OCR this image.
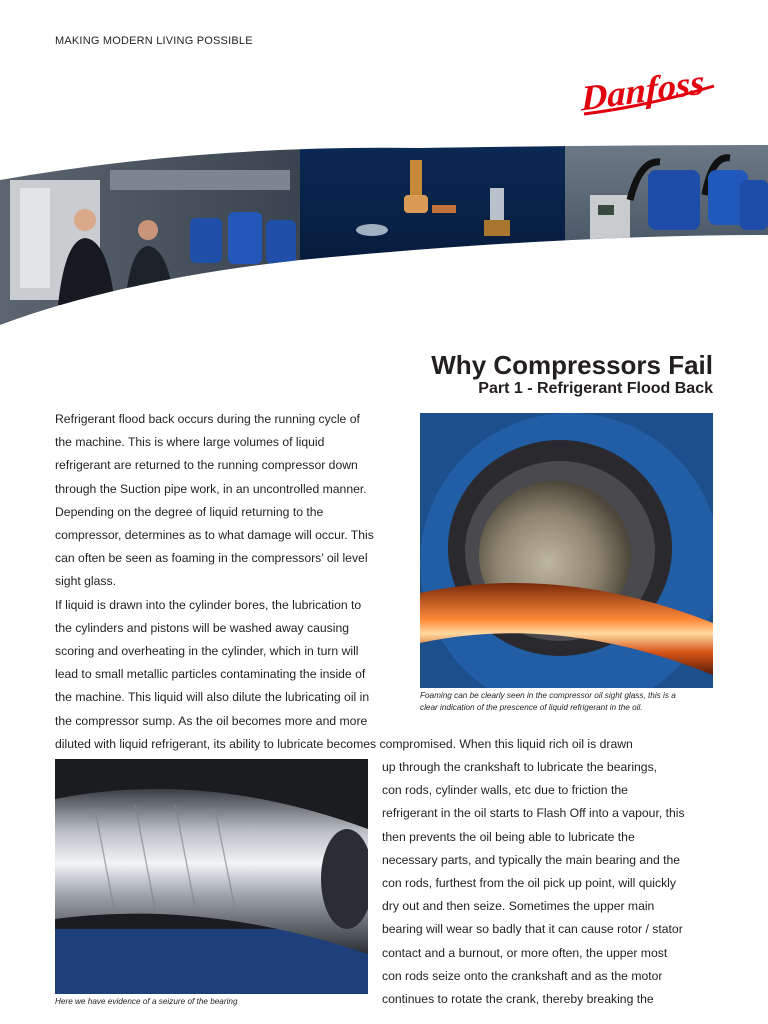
MAKING MODERN LIVING POSSIBLE
Danfoss
Why Compressors Fail
Part 1 - Refrigerant Flood Back

Refrigerant flood back occurs during the running cycle of
the machine. This is where large volumes of liquid
refrigerant are returned to the running compressor down
through the Suction pipe work, in an uncontrolled manner.
Depending on the degree of liquid returning to the
compressor, determines as to what damage will occur. This
can often be seen as foaming in the compressors’ oil level
sight glass.
If liquid is drawn into the cylinder bores, the lubrication to
the cylinders and pistons will be washed away causing
scoring and overheating in the cylinder, which in turn will
lead to small metallic particles contaminating the inside of
the machine. This liquid will also dilute the lubricating oil in
the compressor sump. As the oil becomes more and more

Foaming can be clearly seen in the compressor oil sight glass, this is a
clear indication of the prescence of liquid refrigerant in the oil.

diluted with liquid refrigerant, its ability to lubricate becomes compromised. When this liquid rich oil is drawn

Here we have evidence of a seizure of the bearing

up through the crankshaft to lubricate the bearings,
con rods, cylinder walls, etc due to friction the
refrigerant in the oil starts to Flash Off into a vapour, this
then prevents the oil being able to lubricate the
necessary parts, and typically the main bearing and the
con rods, furthest from the oil pick up point, will quickly
dry out and then seize. Sometimes the upper main
bearing will wear so badly that it can cause rotor / stator
contact and a burnout, or more often, the upper most
con rods seize onto the crankshaft and as the motor
continues to rotate the crank, thereby breaking the
